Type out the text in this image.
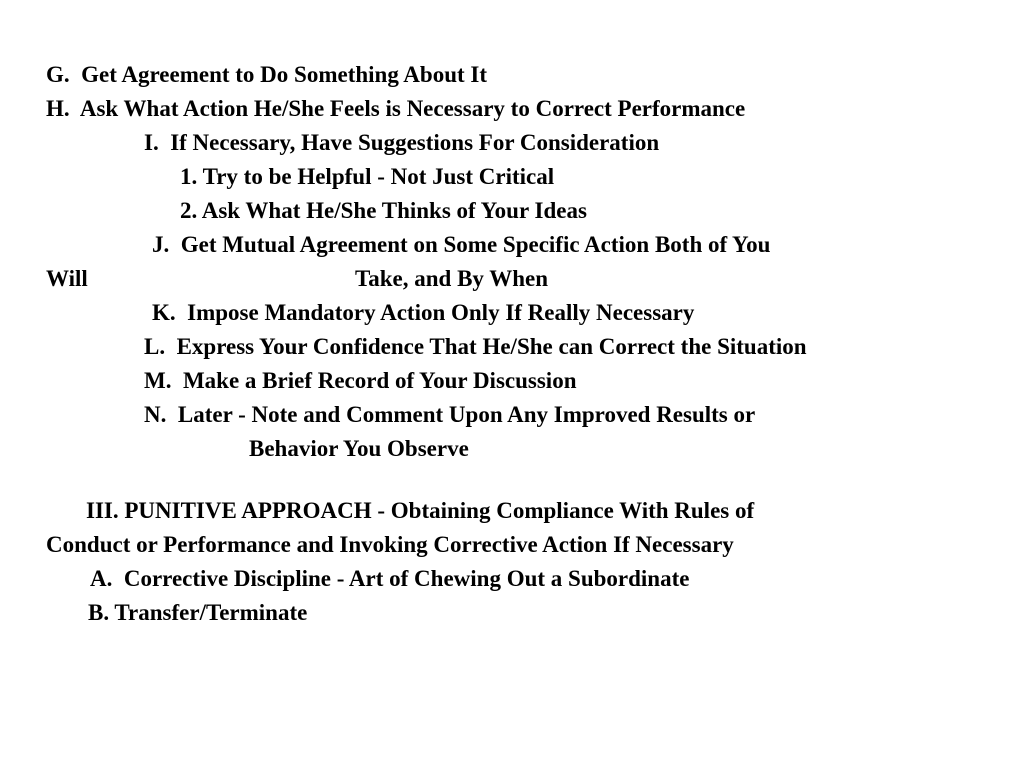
G.  Get Agreement to Do Something About It
H.  Ask What Action He/She Feels is Necessary to Correct Performance
I.  If Necessary, Have Suggestions For Consideration
1. Try to be Helpful - Not Just Critical
2. Ask What He/She Thinks of Your Ideas
J.  Get Mutual Agreement on Some Specific Action Both of You
Will	Take, and By When
K.  Impose Mandatory Action Only If Really Necessary
L.  Express Your Confidence That He/She can Correct the Situation
M.  Make a Brief Record of Your Discussion
N.  Later - Note and Comment Upon Any Improved Results or
Behavior You Observe
III. PUNITIVE APPROACH - Obtaining Compliance With Rules of
Conduct or Performance and Invoking Corrective Action If Necessary
A.  Corrective Discipline - Art of Chewing Out a Subordinate
B. Transfer/Terminate
